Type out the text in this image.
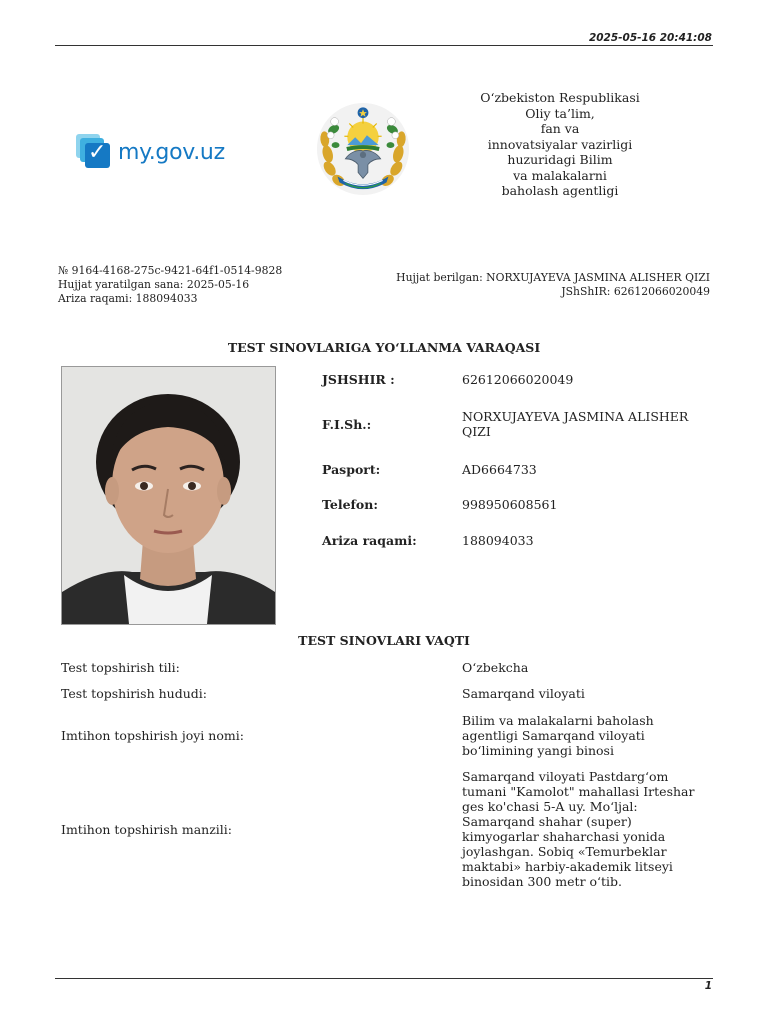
2025-05-16 20:41:08
✓ my.gov.uz
O‘zbekiston Respublikasi
Oliy ta’lim,
fan va
innovatsiyalar vazirligi
huzuridagi Bilim
va malakalarni
baholash agentligi
№ 9164-4168-275c-9421-64f1-0514-9828
Hujjat yaratilgan sana: 2025-05-16
Ariza raqami: 188094033
Hujjat berilgan: NORXUJAYEVA JASMINA ALISHER QIZI
JShShIR: 62612066020049
TEST SINOVLARIGA YO‘LLANMA VARAQASI
JSHSHIR :	62612066020049
F.I.Sh.:
NORXUJAYEVA JASMINA ALISHER QIZI
Pasport:	AD6664733
Telefon:	998950608561
Ariza raqami:	188094033
TEST SINOVLARI VAQTI
Test topshirish tili:	O‘zbekcha
Test topshirish hududi:	Samarqand viloyati
Imtihon topshirish joyi nomi:
Bilim va malakalarni baholash agentligi Samarqand viloyati bo‘limining yangi binosi
Imtihon topshirish manzili:
Samarqand viloyati Pastdarg‘om tumani "Kamolot" mahallasi Irteshar ges ko'chasi 5-A uy. Mo‘ljal: Samarqand shahar (super) kimyogarlar shaharchasi yonida joylashgan. Sobiq «Temurbeklar maktabi» harbiy-akademik litseyi binosidan 300 metr o‘tib.
1
